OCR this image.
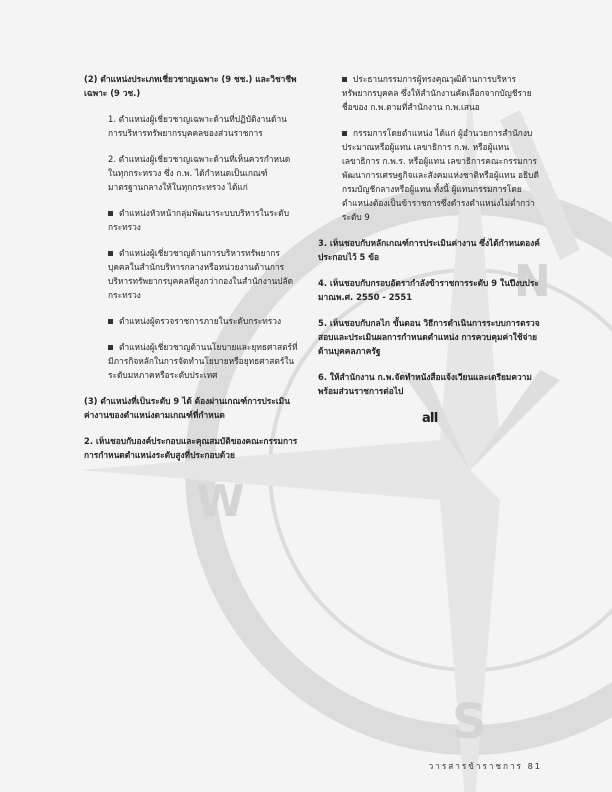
N
W
S

(2) ตำแหน่งประเภทเชี่ยวชาญเฉพาะ (9 ชช.) และวิชาชีพเฉพาะ (9 วช.)

1. ตำแหน่งผู้เชี่ยวชาญเฉพาะด้านที่ปฏิบัติงานด้านการบริหารทรัพยากรบุคคลของส่วนราชการ

2. ตำแหน่งผู้เชี่ยวชาญเฉพาะด้านที่เห็นควรกำหนดในทุกกระทรวง ซึ่ง ก.พ. ได้กำหนดเป็นเกณฑ์มาตรฐานกลางให้ในทุกกระทรวง ได้แก่

ตำแหน่งหัวหน้ากลุ่มพัฒนาระบบบริหารในระดับกระทรวง

ตำแหน่งผู้เชี่ยวชาญด้านการบริหารทรัพยากรบุคคลในสำนักบริหารกลางหรือหน่วยงานด้านการบริหารทรัพยากรบุคคลที่สูงกว่ากองในสำนักงานปลัดกระทรวง

ตำแหน่งผู้ตรวจราชการภายในระดับกระทรวง

ตำแหน่งผู้เชี่ยวชาญด้านนโยบายและยุทธศาสตร์ที่มีภารกิจหลักในการจัดทำนโยบายหรือยุทธศาสตร์ในระดับมหภาคหรือระดับประเทศ

(3) ตำแหน่งที่เป็นระดับ 9 ได้ ต้องผ่านเกณฑ์การประเมินค่างานของตำแหน่งตามเกณฑ์ที่กำหนด

2. เห็นชอบกับองค์ประกอบและคุณสมบัติของคณะกรรมการการกำหนดตำแหน่งระดับสูงที่ประกอบด้วย

ประธานกรรมการผู้ทรงคุณวุฒิด้านการบริหารทรัพยากรบุคคล ซึ่งให้สำนักงานคัดเลือกจากบัญชีรายชื่อของ ก.พ.ตามที่สำนักงาน ก.พ.เสนอ

กรรมการโดยตำแหน่ง ได้แก่ ผู้อำนวยการสำนักงบประมาณหรือผู้แทน เลขาธิการ ก.พ. หรือผู้แทน เลขาธิการ ก.พ.ร. หรือผู้แทน เลขาธิการคณะกรรมการพัฒนาการเศรษฐกิจและสังคมแห่งชาติหรือผู้แทน อธิบดีกรมบัญชีกลางหรือผู้แทน ทั้งนี้ ผู้แทนกรรมการโดยตำแหน่งต้องเป็นข้าราชการซึ่งดำรงตำแหน่งไม่ต่ำกว่าระดับ 9

3. เห็นชอบกับหลักเกณฑ์การประเมินค่างาน ซึ่งได้กำหนดองค์ประกอบไว้ 5 ข้อ

4. เห็นชอบกับกรอบอัตรากำลังข้าราชการระดับ 9 ในปีงบประมาณพ.ศ. 2550 - 2551

5. เห็นชอบกับกลไก ขั้นตอน วิธีการดำเนินการระบบการตรวจสอบและประเมินผลการกำหนดตำแหน่ง การควบคุมค่าใช้จ่ายด้านบุคคลภาครัฐ

6. ให้สำนักงาน ก.พ.จัดทำหนังสือแจ้งเวียนและเตรียมความพร้อมส่วนราชการต่อไป

aII
วารสารข้าราชการ 81
